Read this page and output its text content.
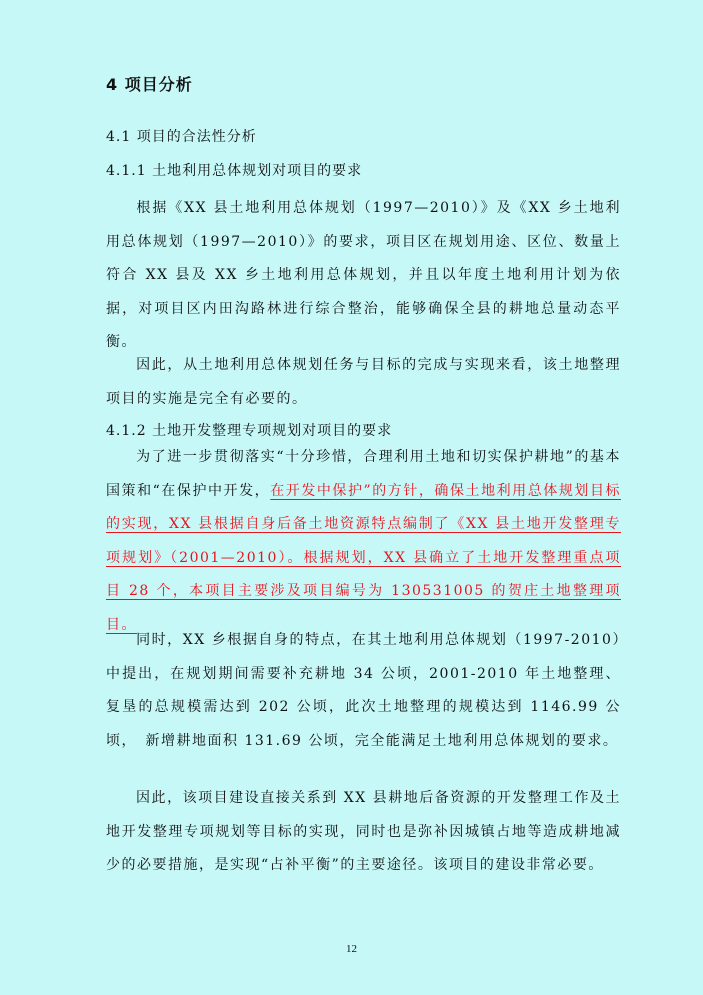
4 项目分析
4.1 项目的合法性分析
4.1.1 土地利用总体规划对项目的要求
根据《XX 县土地利用总体规划（1997—2010）》及《XX 乡土地利用总体规划（1997—2010）》的要求，项目区在规划用途、区位、数量上符合 XX 县及 XX 乡土地利用总体规划，并且以年度土地利用计划为依据，对项目区内田沟路林进行综合整治，能够确保全县的耕地总量动态平衡。
因此，从土地利用总体规划任务与目标的完成与实现来看，该土地整理项目的实施是完全有必要的。
4.1.2 土地开发整理专项规划对项目的要求
为了进一步贯彻落实“十分珍惜，合理利用土地和切实保护耕地”的基本国策和“在保护中开发，在开发中保护”的方针，确保土地利用总体规划目标的实现，XX 县根据自身后备土地资源特点编制了《XX 县土地开发整理专项规划》（2001—2010）。根据规划，XX 县确立了土地开发整理重点项目 28 个，本项目主要涉及项目编号为 130531005 的贺庄土地整理项目。
同时，XX 乡根据自身的特点，在其土地利用总体规划（1997-2010）中提出，在规划期间需要补充耕地 34 公顷，2001-2010 年土地整理、复垦的总规模需达到 202 公顷，此次土地整理的规模达到 1146.99 公顷，　新增耕地面积 131.69 公顷，完全能满足土地利用总体规划的要求。
因此，该项目建设直接关系到 XX 县耕地后备资源的开发整理工作及土地开发整理专项规划等目标的实现，同时也是弥补因城镇占地等造成耕地减少的必要措施，是实现“占补平衡”的主要途径。该项目的建设非常必要。
12
